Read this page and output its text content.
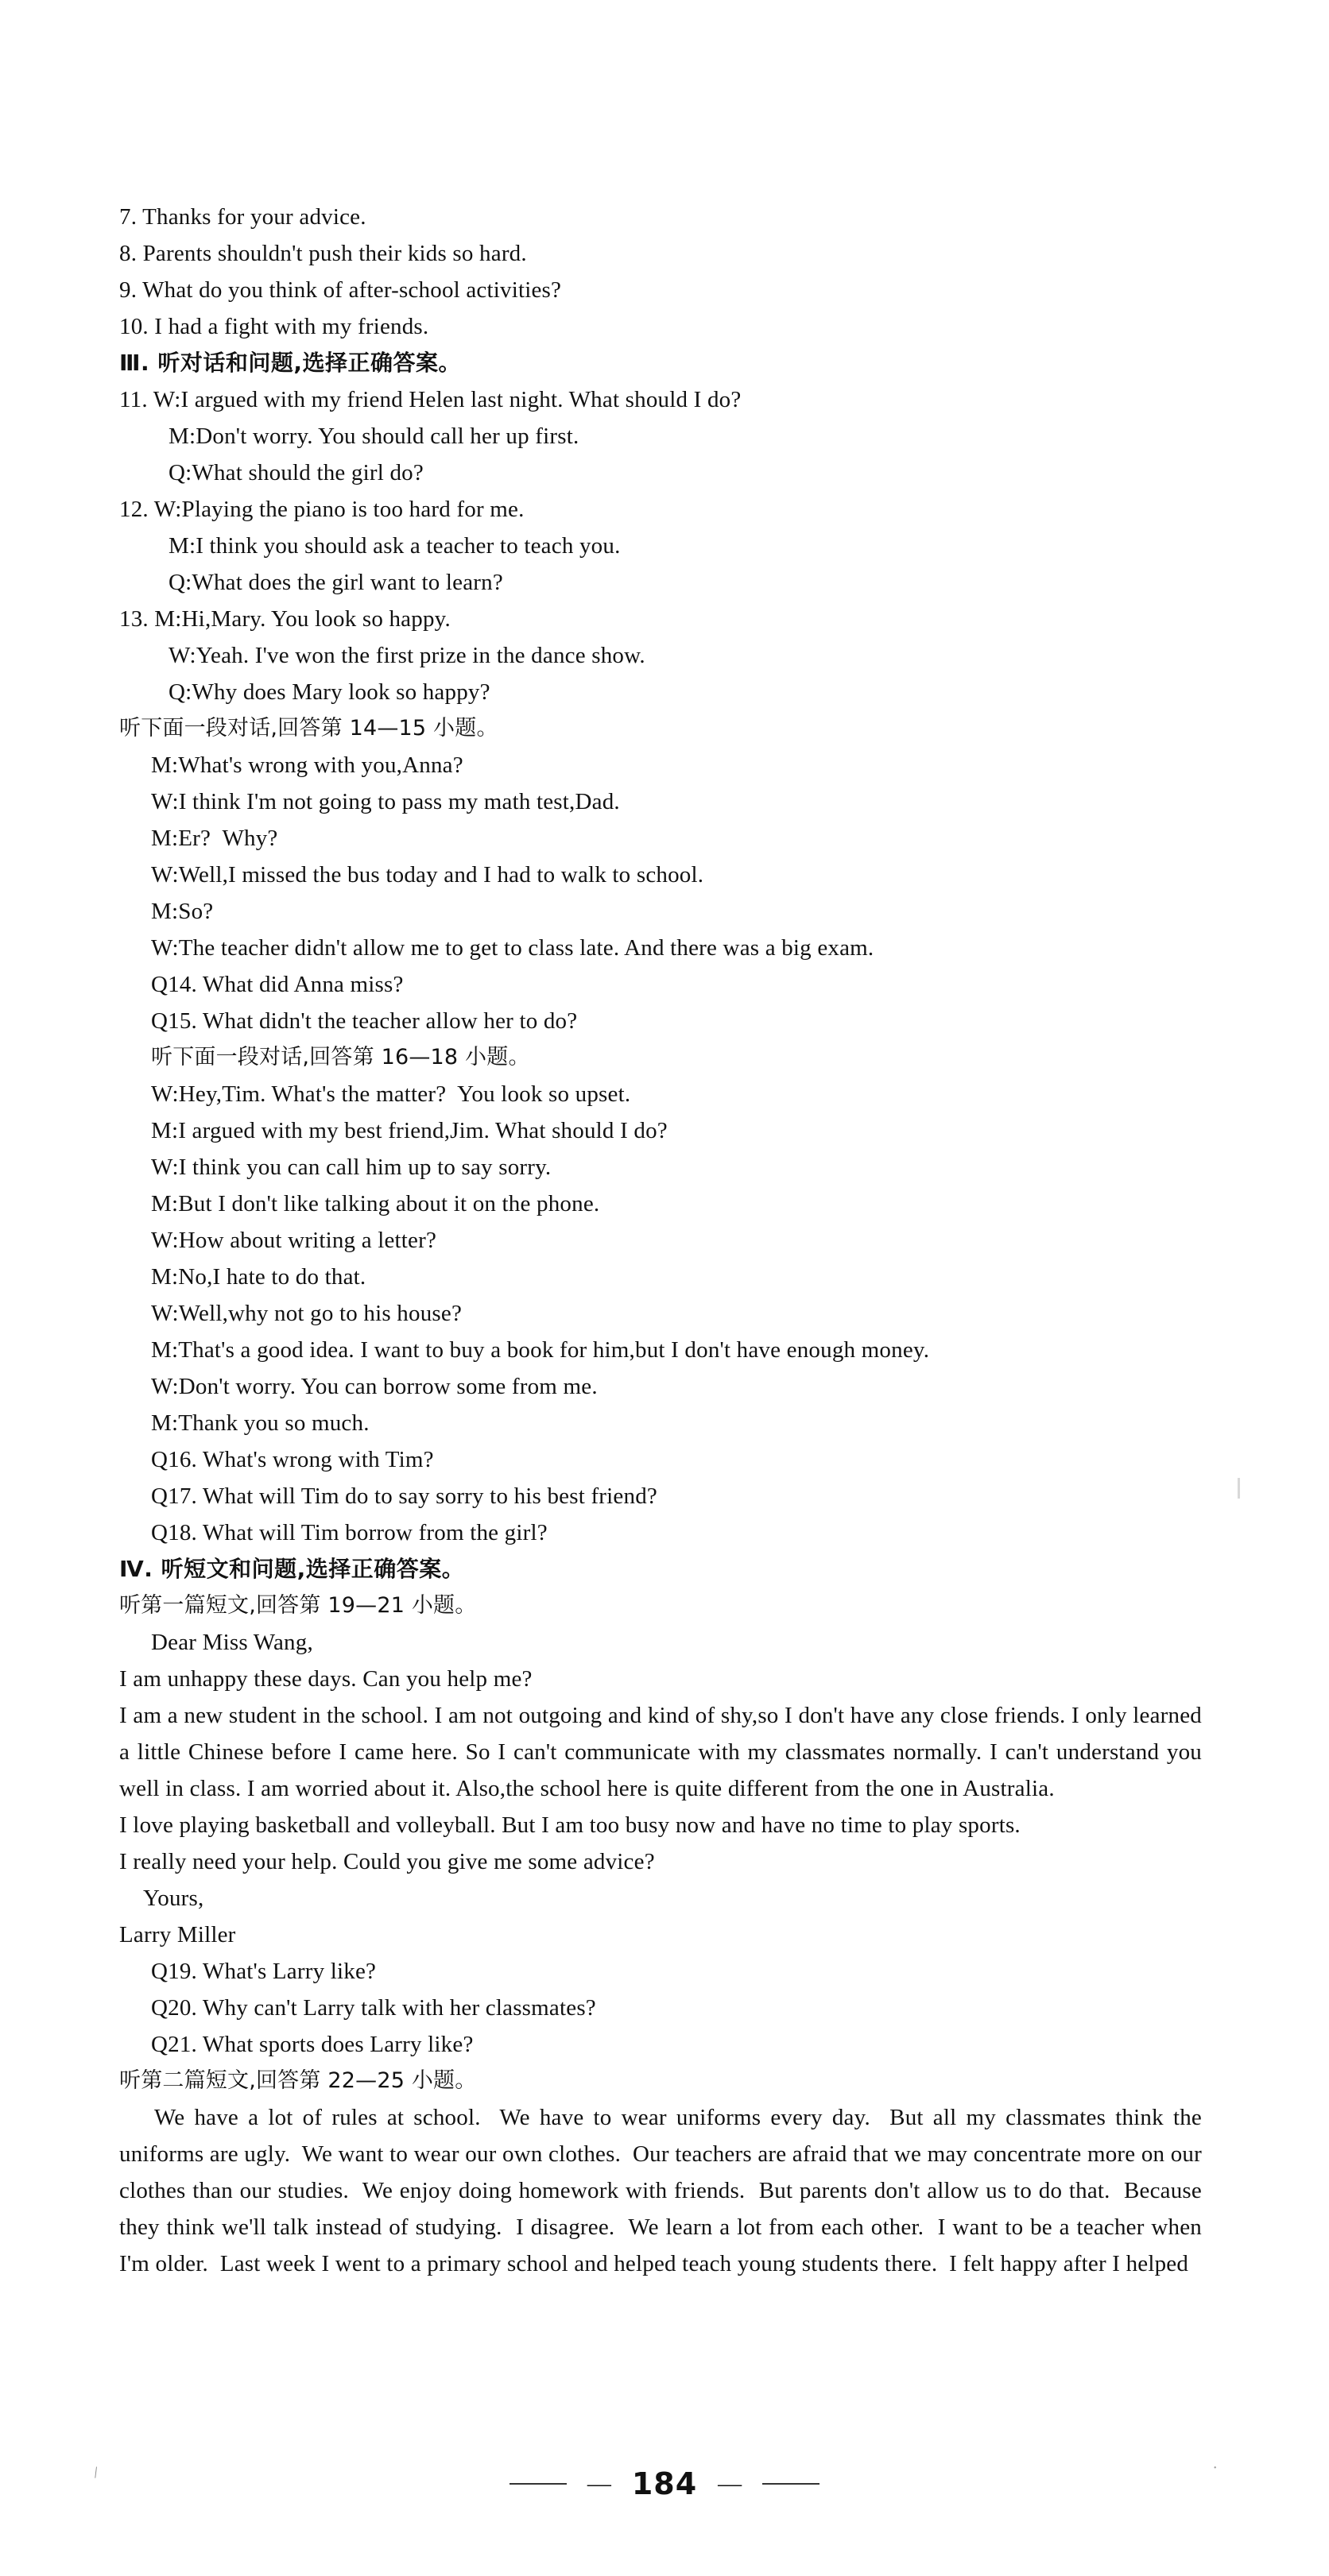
7. Thanks for your advice.
8. Parents shouldn't push their kids so hard.
9. What do you think of after-school activities?
10. I had a fight with my friends.
Ⅲ. 听对话和问题,选择正确答案。
11. W:I argued with my friend Helen last night. What should I do?
M:Don't worry. You should call her up first.
Q:What should the girl do?
12. W:Playing the piano is too hard for me.
M:I think you should ask a teacher to teach you.
Q:What does the girl want to learn?
13. M:Hi,Mary. You look so happy.
W:Yeah. I've won the first prize in the dance show.
Q:Why does Mary look so happy?
听下面一段对话,回答第 14—15 小题。
M:What's wrong with you,Anna?
W:I think I'm not going to pass my math test,Dad.
M:Er?  Why?
W:Well,I missed the bus today and I had to walk to school.
M:So?
W:The teacher didn't allow me to get to class late. And there was a big exam.
Q14. What did Anna miss?
Q15. What didn't the teacher allow her to do?
听下面一段对话,回答第 16—18 小题。
W:Hey,Tim. What's the matter?  You look so upset.
M:I argued with my best friend,Jim. What should I do?
W:I think you can call him up to say sorry.
M:But I don't like talking about it on the phone.
W:How about writing a letter?
M:No,I hate to do that.
W:Well,why not go to his house?
M:That's a good idea. I want to buy a book for him,but I don't have enough money.
W:Don't worry. You can borrow some from me.
M:Thank you so much.
Q16. What's wrong with Tim?
Q17. What will Tim do to say sorry to his best friend?
Q18. What will Tim borrow from the girl?
Ⅳ. 听短文和问题,选择正确答案。
听第一篇短文,回答第 19—21 小题。
Dear Miss Wang,
I am unhappy these days. Can you help me?
I am a new student in the school. I am not outgoing and kind of shy,so I don't have any close friends. I only learned a little Chinese before I came here. So I can't communicate with my classmates normally. I can't understand you well in class. I am worried about it. Also,the school here is quite different from the one in Australia.
I love playing basketball and volleyball. But I am too busy now and have no time to play sports.
I really need your help. Could you give me some advice?
Yours,
Larry Miller
Q19. What's Larry like?
Q20. Why can't Larry talk with her classmates?
Q21. What sports does Larry like?
听第二篇短文,回答第 22—25 小题。
We have a lot of rules at school.  We have to wear uniforms every day.  But all my classmates think the uniforms are ugly.  We want to wear our own clothes.  Our teachers are afraid that we may concentrate more on our clothes than our studies.  We enjoy doing homework with friends.  But parents don't allow us to do that.  Because they think we'll talk instead of studying.  I disagree.  We learn a lot from each other.  I want to be a teacher when I'm older.  Last week I went to a primary school and helped teach young students there.  I felt happy after I helped
/	·
— 184 —
